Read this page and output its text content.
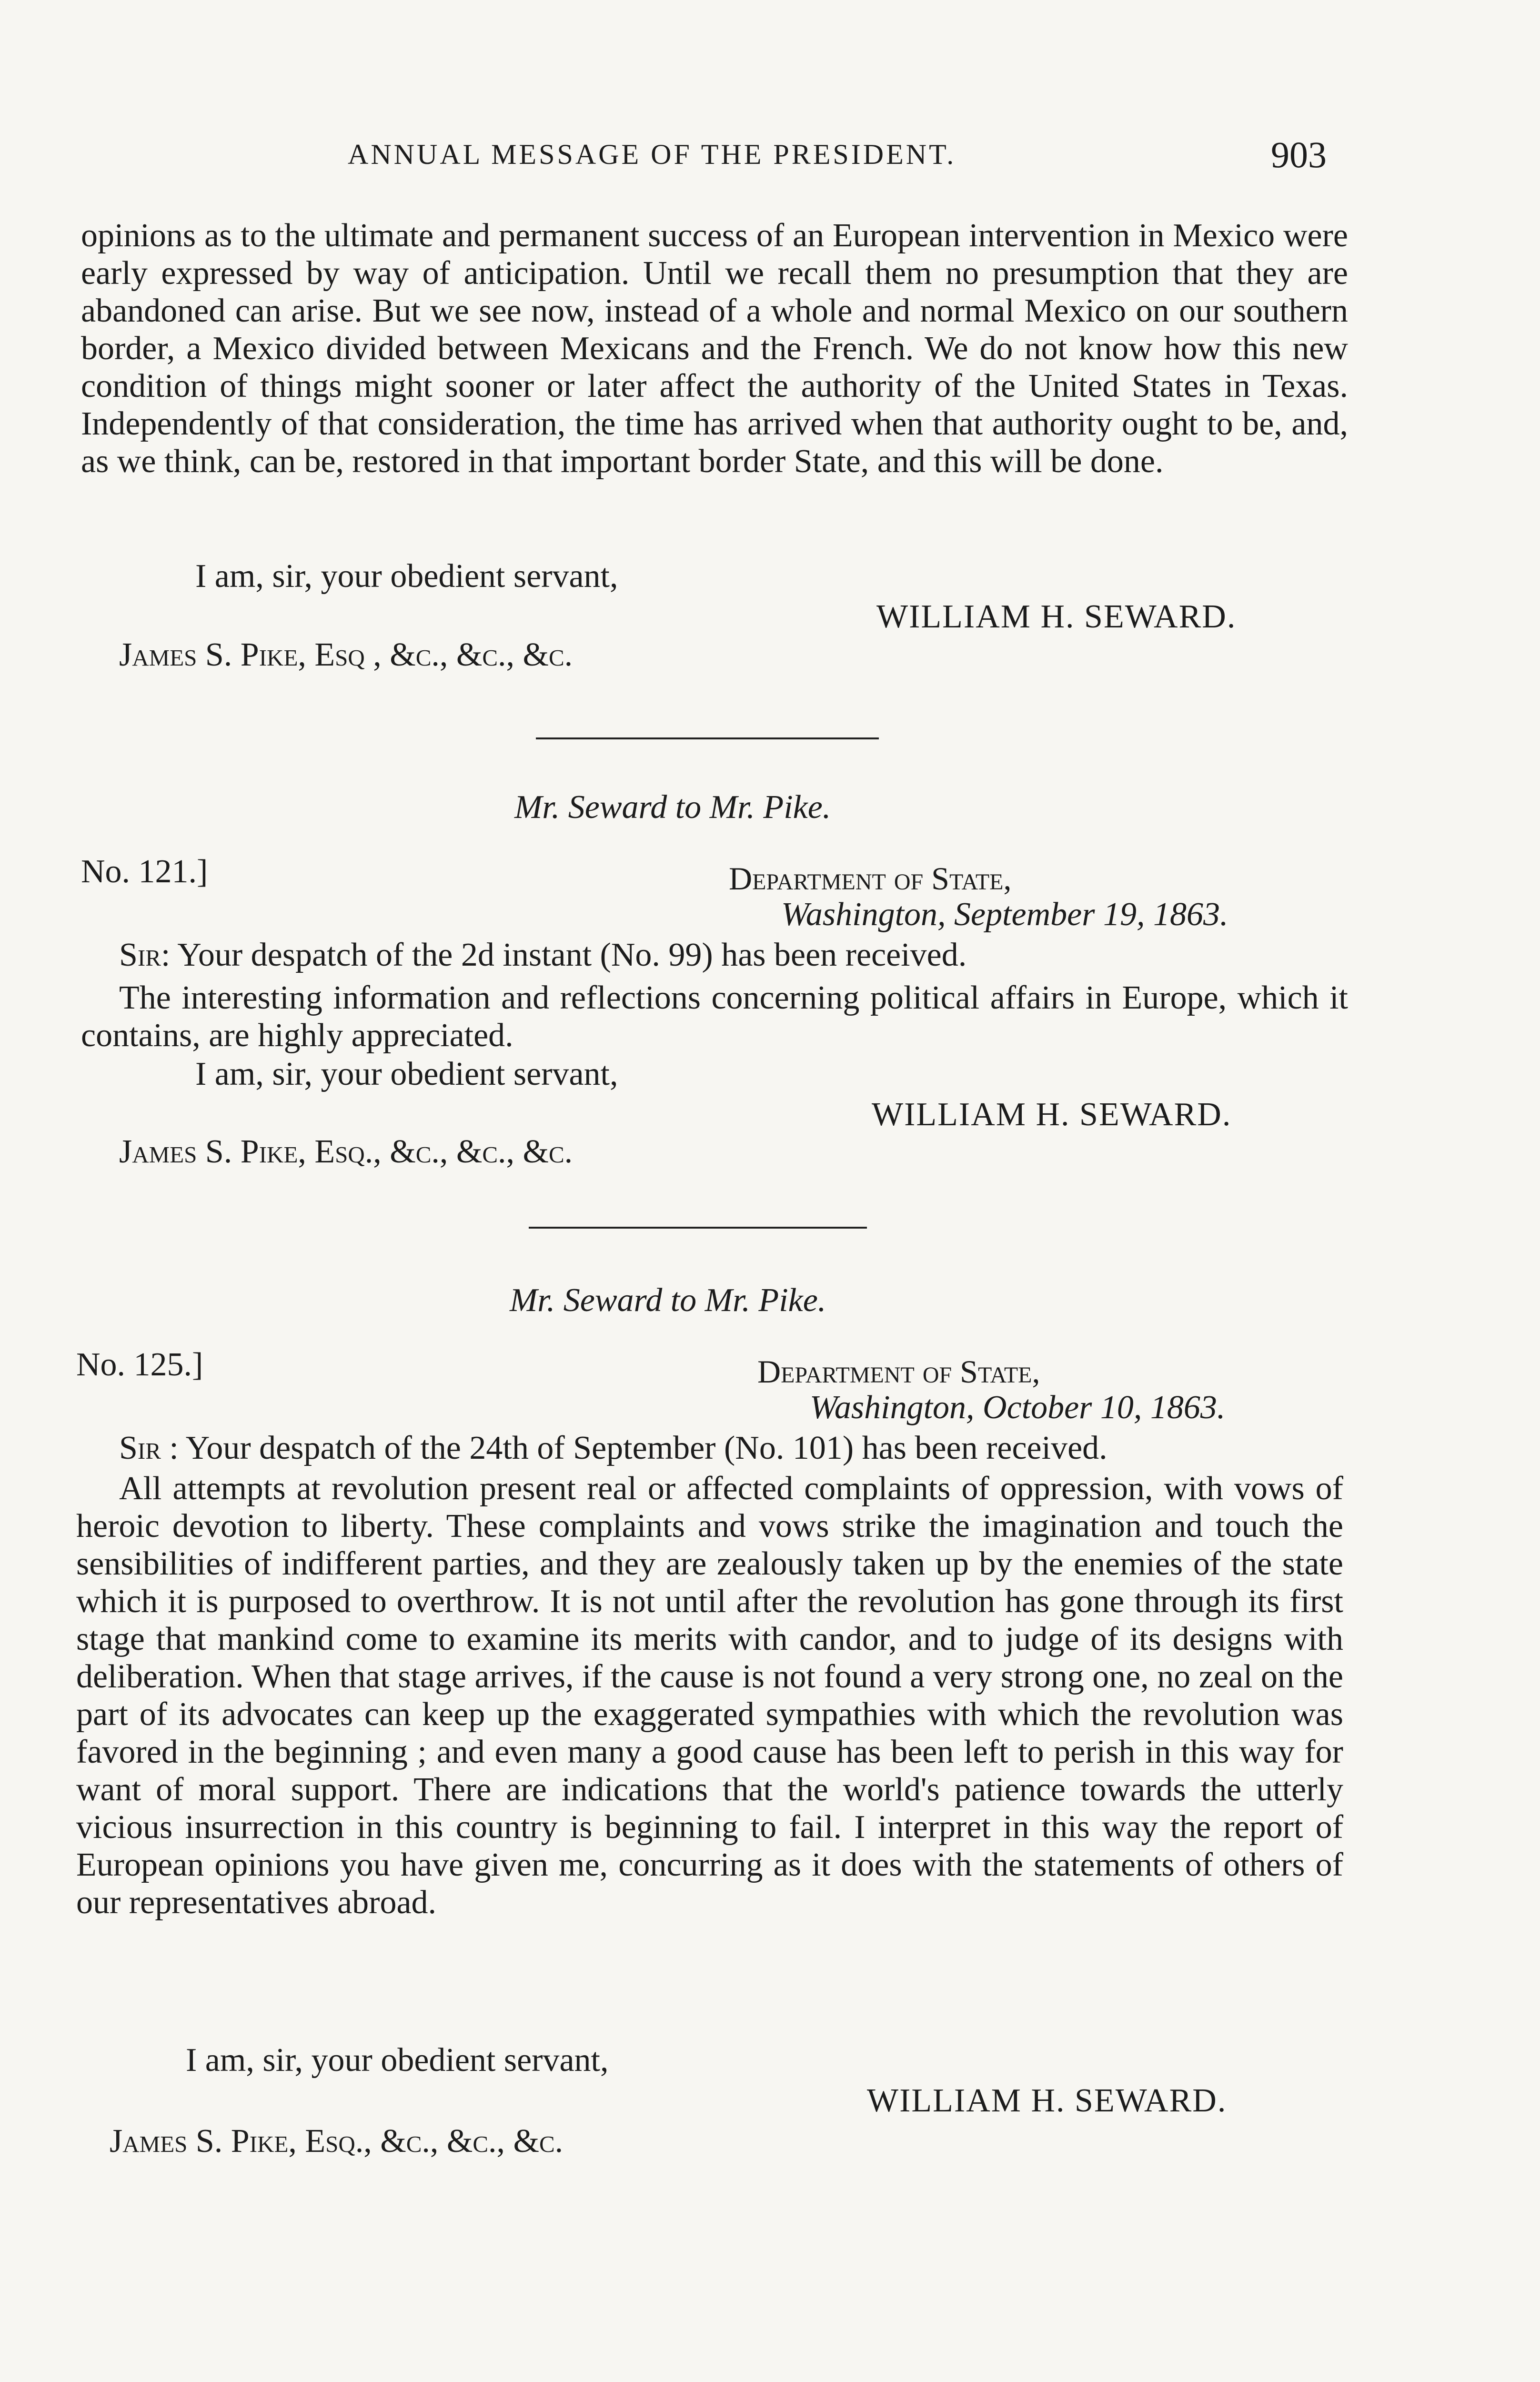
ANNUAL MESSAGE OF THE PRESIDENT.	903

opinions as to the ultimate and permanent success of an European intervention in Mexico were early expressed by way of anticipation. Until we recall them no presumption that they are abandoned can arise. But we see now, instead of a whole and normal Mexico on our southern border, a Mexico divided between Mexicans and the French. We do not know how this new condition of things might sooner or later affect the authority of the United States in Texas. Independently of that consideration, the time has arrived when that authority ought to be, and, as we think, can be, restored in that important border State, and this will be done.

I am, sir, your obedient servant,
WILLIAM H. SEWARD.
James S. Pike, Esq , &c., &c., &c.
Mr. Seward to Mr. Pike.
No. 121.]	Department of State,
Washington, September 19, 1863.
Sir: Your despatch of the 2d instant (No. 99) has been received.

The interesting information and reflections concerning political affairs in Europe, which it contains, are highly appreciated.

I am, sir, your obedient servant,
WILLIAM H. SEWARD.
James S. Pike, Esq., &c., &c., &c.
Mr. Seward to Mr. Pike.
No. 125.]	Department of State,
Washington, October 10, 1863.
Sir : Your despatch of the 24th of September (No. 101) has been received.

All attempts at revolution present real or affected complaints of oppression, with vows of heroic devotion to liberty. These complaints and vows strike the imagination and touch the sensibilities of indifferent parties, and they are zealously taken up by the enemies of the state which it is purposed to overthrow. It is not until after the revolution has gone through its first stage that mankind come to examine its merits with candor, and to judge of its designs with deliberation. When that stage arrives, if the cause is not found a very strong one, no zeal on the part of its advocates can keep up the exaggerated sympathies with which the revolution was favored in the beginning ; and even many a good cause has been left to perish in this way for want of moral support. There are indications that the world's patience towards the utterly vicious insurrection in this country is beginning to fail. I interpret in this way the report of European opinions you have given me, concurring as it does with the statements of others of our representatives abroad.

I am, sir, your obedient servant,
WILLIAM H. SEWARD.
James S. Pike, Esq., &c., &c., &c.
